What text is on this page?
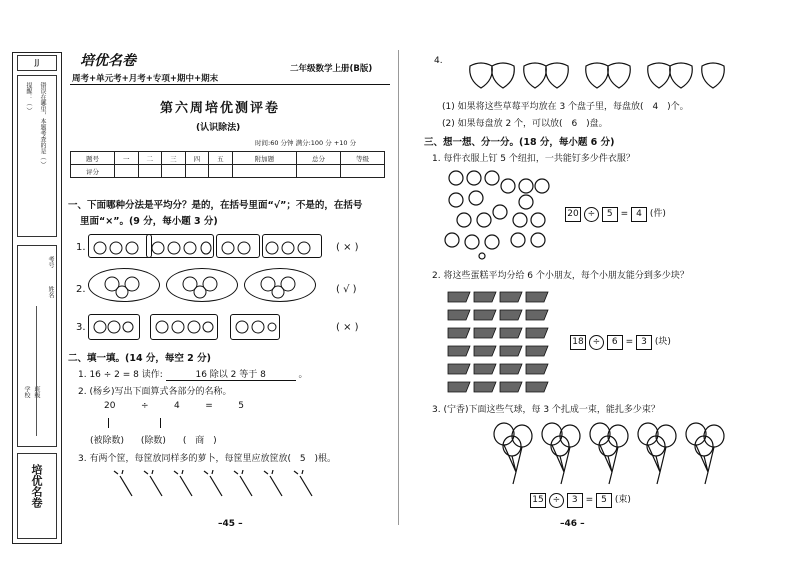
JJ
错误在哪里，本题考查的是（ ）
提醒：（ ）
姓名
考号
学校
培优名卷
培优名卷
周考+单元考+月考+专项+期中+期末
二年级数学上册(B版)
第六周培优测评卷
(认识除法)
时间:60 分钟 满分:100 分 +10 分
题号	一	二	三	四	五	附加题	总分	等级
评分								
一、下面哪种分法是平均分？是的，在括号里面“√”；不是的，在括号
里面“×”。(9 分，每小题 3 分)
1.	( × )
2.	( √ )
3.	( × )
二、填一填。(14 分，每空 2 分)
1. 16 ÷ 2 = 8 读作:	16 除以 2 等于 8	。
2. (杨乡)写出下面算式各部分的名称。
20	÷	4	=	5
(被除数) (除数) ( 商 )
3. 有两个筐，每筐放同样多的萝卜，每筐里应放筐放( 5 )根。
–45 –
4.
(1) 如果将这些草莓平均放在 3 个盘子里，每盘放( 4 )个。
(2) 如果每盘放 2 个，可以放( 6 )盘。
三、想一想、分一分。(18 分，每小题 6 分)
1. 每件衣服上钉 5 个纽扣，一共能钉多少件衣服？
20 ÷ 5 = 4 (件)
2. 将这些蛋糕平均分给 6 个小朋友，每个小朋友能分到多少块？
18 ÷ 6 = 3 (块)
3. (宁香)下面这些气球，每 3 个扎成一束，能扎多少束？
15 ÷ 3 = 5 (束)
–46 –
